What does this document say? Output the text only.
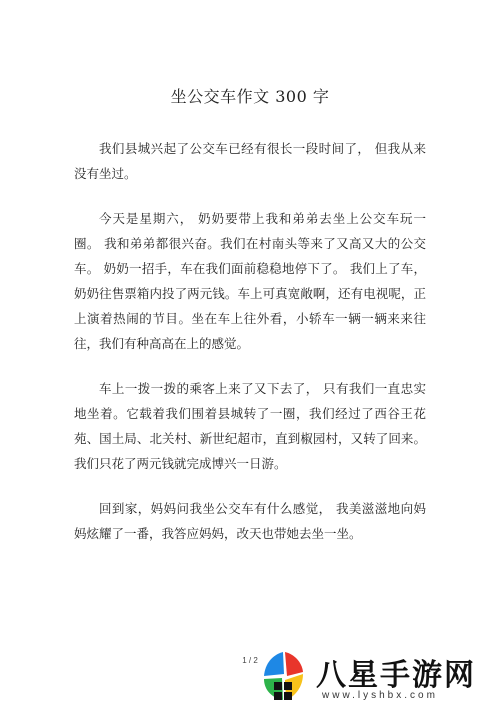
坐公交车作文 300 字

我们县城兴起了公交车已经有很长一段时间了， 但我从来没有坐过。

今天是星期六， 奶奶要带上我和弟弟去坐上公交车玩一圈。 我和弟弟都很兴奋。我们在村南头等来了又高又大的公交车。 奶奶一招手，车在我们面前稳稳地停下了。 我们上了车， 奶奶往售票箱内投了两元钱。车上可真宽敞啊，还有电视呢，正上演着热闹的节目。坐在车上往外看，小轿车一辆一辆来来往往，我们有种高高在上的感觉。

车上一拨一拨的乘客上来了又下去了， 只有我们一直忠实地坐着。它载着我们围着县城转了一圈，我们经过了西谷王花苑、国土局、北关村、新世纪超市，直到椒园村，又转了回来。我们只花了两元钱就完成博兴一日游。

回到家，妈妈问我坐公交车有什么感觉， 我美滋滋地向妈妈炫耀了一番，我答应妈妈，改天也带她去坐一坐。

1 / 2	八星手游网
www.lyshbx.com
